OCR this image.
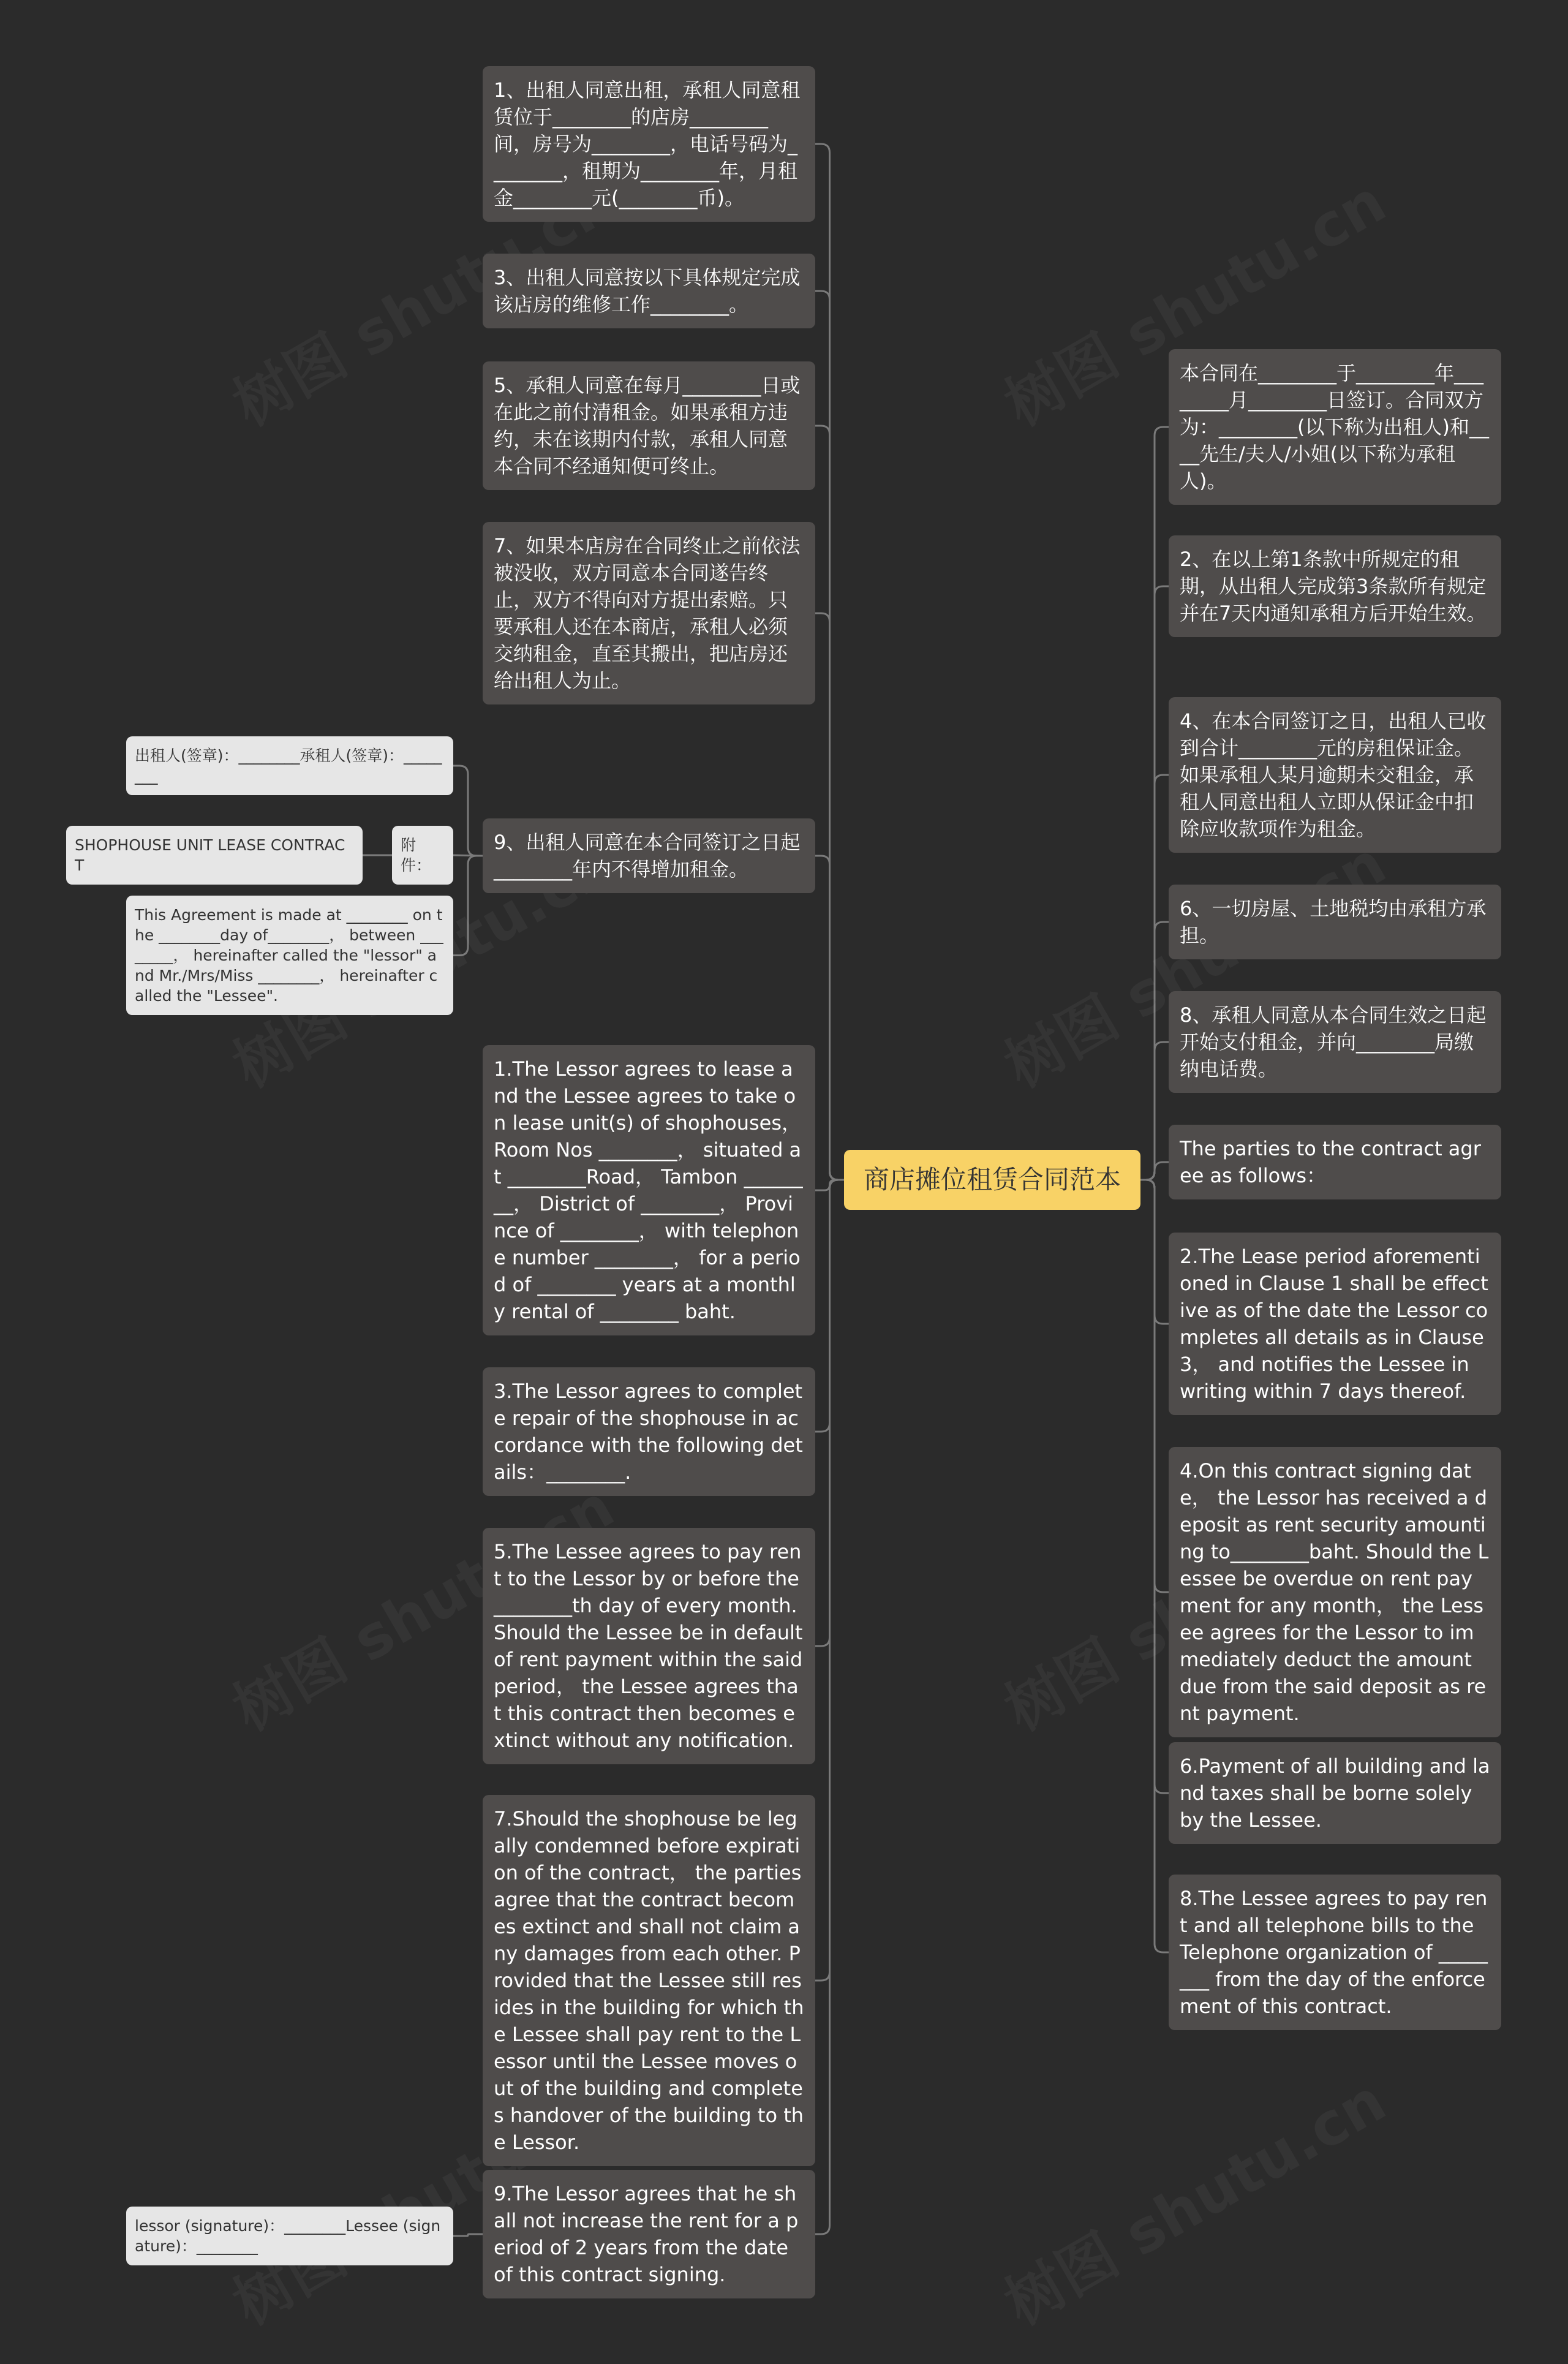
商店摊位租赁合同范本
1、出租人同意出租，承租人同意租赁位于________的店房________间，房号为________，电话号码为________，租期为________年，月租金________元(________币)。
3、出租人同意按以下具体规定完成该店房的维修工作________。
5、承租人同意在每月________日或在此之前付清租金。如果承租方违约，未在该期内付款，承租人同意本合同不经通知便可终止。
7、如果本店房在合同终止之前依法被没收，双方同意本合同遂告终止，双方不得向对方提出索赔。只要承租人还在本商店，承租人必须交纳租金，直至其搬出，把店房还给出租人为止。
9、出租人同意在本合同签订之日起________年内不得增加租金。
1.The Lessor agrees to lease and the Lessee agrees to take on lease unit(s) of shophouses， Room Nos ________， situated at ________Road， Tambon ________， District of ________， Province of ________， with telephone number ________， for a period of ________ years at a monthly rental of ________ baht.
3.The Lessor agrees to complete repair of the shophouse in accordance with the following details：________.
5.The Lessee agrees to pay rent to the Lessor by or before the________th day of every month. Should the Lessee be in default of rent payment within the said period， the Lessee agrees that this contract then becomes extinct without any notification.
7.Should the shophouse be legally condemned before expiration of the contract， the parties agree that the contract becomes extinct and shall not claim any damages from each other. Provided that the Lessee still resides in the building for which the Lessee shall pay rent to the Lessor until the Lessee moves out of the building and completes handover of the building to the Lessor.
9.The Lessor agrees that he shall not increase the rent for a period of 2 years from the date of this contract signing.
本合同在________于________年________月________日签订。合同双方为：________(以下称为出租人)和____先生/夫人/小姐(以下称为承租人)。
2、在以上第1条款中所规定的租期，从出租人完成第3条款所有规定并在7天内通知承租方后开始生效。
4、在本合同签订之日，出租人已收到合计________元的房租保证金。如果承租人某月逾期未交租金，承租人同意出租人立即从保证金中扣除应收款项作为租金。
6、一切房屋、土地税均由承租方承担。
8、承租人同意从本合同生效之日起开始支付租金，并向________局缴纳电话费。
The parties to the contract agree as follows：
2.The Lease period aforementioned in Clause 1 shall be effective as of the date the Lessor completes all details as in Clause 3， and notifies the Lessee in writing within 7 days thereof.
4.On this contract signing date， the Lessor has received a deposit as rent security amounting to________baht. Should the Lessee be overdue on rent payment for any month， the Lessee agrees for the Lessor to immediately deduct the amount due from the said deposit as rent payment.
6.Payment of all building and land taxes shall be borne solely by the Lessee.
8.The Lessee agrees to pay rent and all telephone bills to the Telephone organization of ________ from the day of the enforcement of this contract.
出租人(签章)：________承租人(签章)：________
附件：
SHOPHOUSE UNIT LEASE CONTRACT
This Agreement is made at ________ on the ________day of________， between ________， hereinafter called the "lessor" and Mr./Mrs/Miss ________， hereinafter called the "Lessee".
lessor (signature)：________Lessee (signature)：________
